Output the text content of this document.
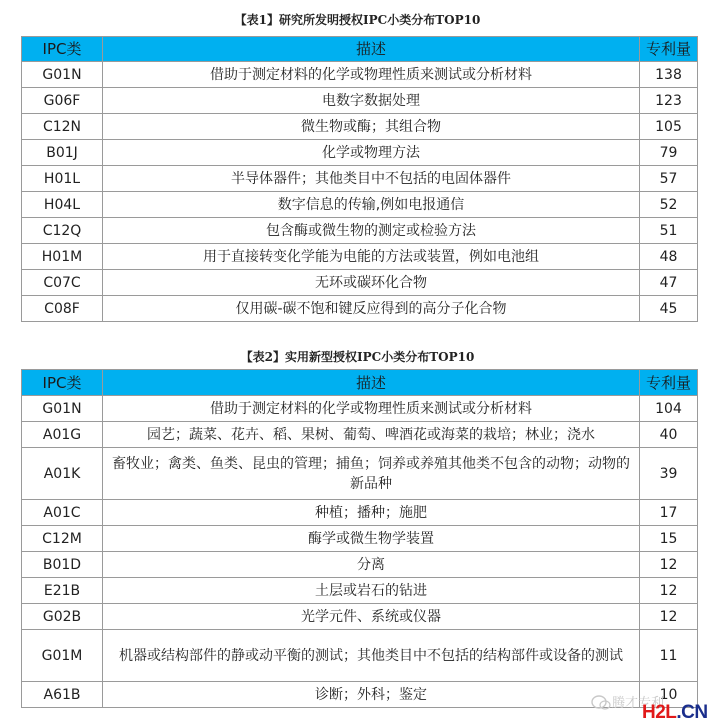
【表1】研究所发明授权IPC小类分布TOP10
IPC类	描述	专利量
G01N	借助于测定材料的化学或物理性质来测试或分析材料	138
G06F	电数字数据处理	123
C12N	微生物或酶；其组合物	105
B01J	化学或物理方法	79
H01L	半导体器件；其他类目中不包括的电固体器件	57
H04L	数字信息的传输,例如电报通信	52
C12Q	包含酶或微生物的测定或检验方法	51
H01M	用于直接转变化学能为电能的方法或装置，例如电池组	48
C07C	无环或碳环化合物	47
C08F	仅用碳-碳不饱和键反应得到的高分子化合物	45
【表2】实用新型授权IPC小类分布TOP10
IPC类	描述	专利量
G01N	借助于测定材料的化学或物理性质来测试或分析材料	104
A01G	园艺；蔬菜、花卉、稻、果树、葡萄、啤酒花或海菜的栽培；林业；浇水	40
A01K	畜牧业；禽类、鱼类、昆虫的管理；捕鱼；饲养或养殖其他类不包含的动物；动物的新品种	39
A01C	种植；播种；施肥	17
C12M	酶学或微生物学装置	15
B01D	分离	12
E21B	土层或岩石的钻进	12
G02B	光学元件、系统或仪器	12
G01M	机器或结构部件的静或动平衡的测试；其他类目中不包括的结构部件或设备的测试	11
A61B	诊断；外科；鉴定	10
腾才专利
H2L.CN
